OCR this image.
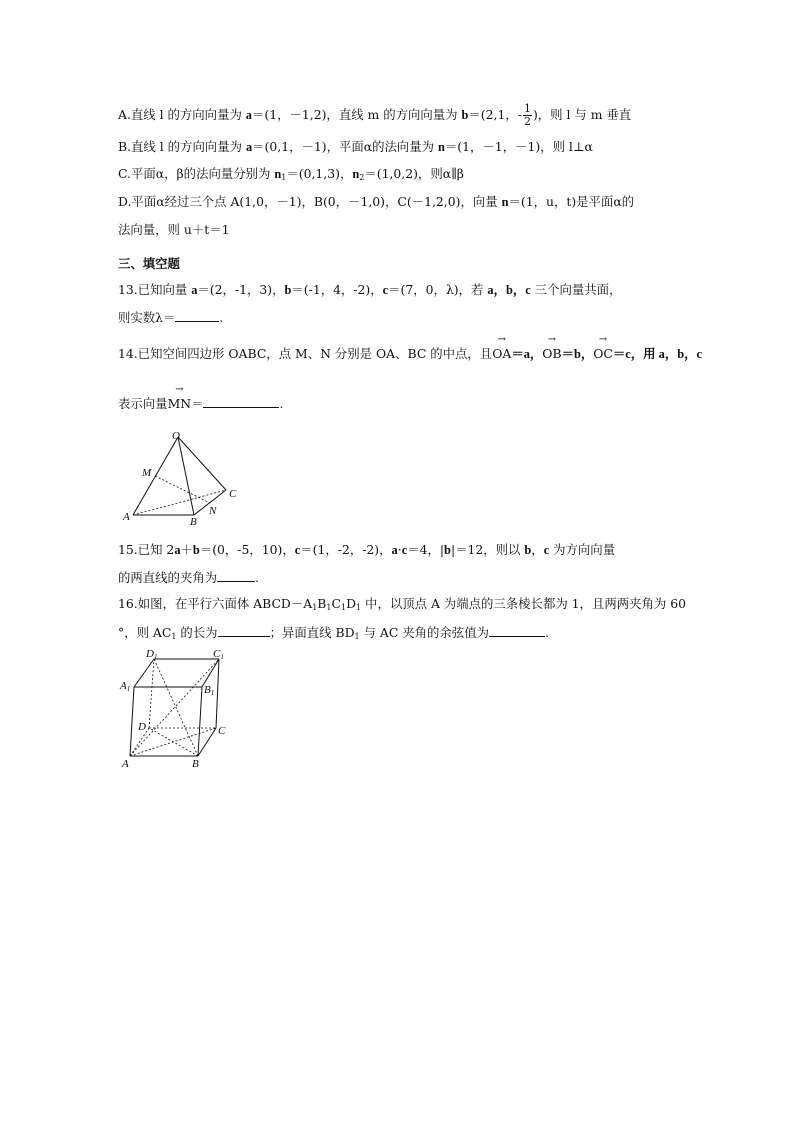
A.直线 l 的方向向量为 a＝(1，－1,2)，直线 m 的方向向量为 b＝(2,1，- $\frac{1}{2}$ )，则 l 与 m 垂直
B.直线 l 的方向向量为 a＝(0,1，－1)，平面α的法向量为 n＝(1，－1，－1)，则 l⊥α
C.平面α，β的法向量分别为 $n_1=(0,1,3)$，$n_2=(1,0,2)$，则α∥β
D.平面α经过三个点 A(1,0，－1)，B(0，－1,0)，C(－1,2,0)，向量 n＝(1，u，t)是平面α的
法向量，则 u＋t＝1
三、填空题
13.已知向量 a＝(2，-1，3)，b＝(-1，4，-2)，c＝(7，0，λ)，若 a，b，c 三个向量共面，
则实数λ＝	.
14.已知空间四边形 OABC，点 M、N 分别是 OA、BC 的中点，且→ OA＝a，→ OB＝b，→ OC＝c，用 a，b，c
表示向量→ MN＝	.
O
M
A	B
N
C
15.已知 2a＋b＝(0，-5，10)，c＝(1，-2，-2)，a·c＝4，|b|＝12，则以 b，c 为方向向量
的两直线的夹角为	.
16.如图，在平行六面体 $ABCD-A_1B_1C_1D_1$ 中，以顶点 A 为端点的三条棱长都为 1，且两两夹角为 60
°，则 $AC_1$ 的长为	；异面直线 $BD_1$ 与 AC 夹角的余弦值为	.
D1	C1
A1	B1
D	C
A	B
